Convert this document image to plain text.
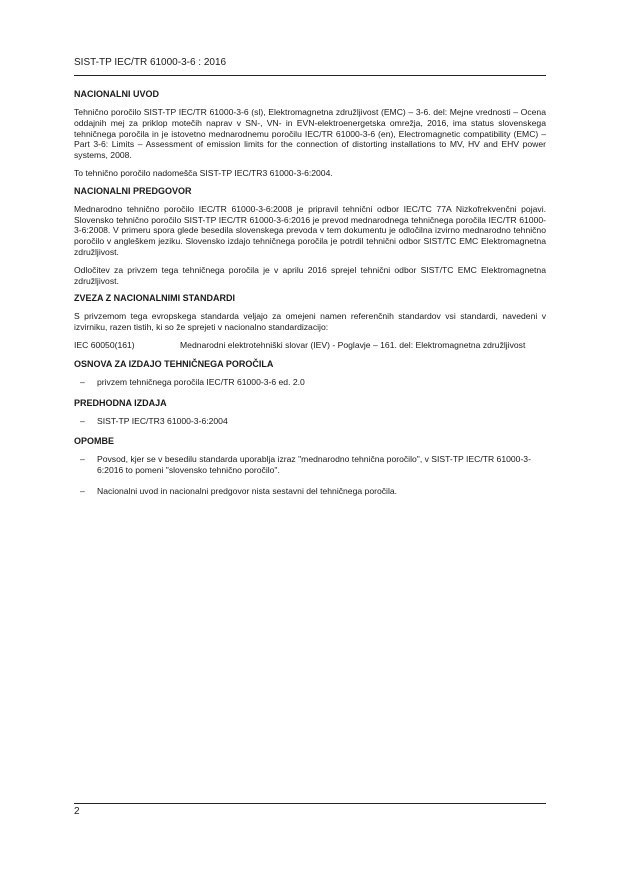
SIST-TP IEC/TR 61000-3-6 : 2016
NACIONALNI UVOD

Tehnično poročilo SIST-TP IEC/TR 61000-3-6 (sl), Elektromagnetna združljivost (EMC) – 3-6. del: Mejne vrednosti – Ocena oddajnih mej za priklop motečih naprav v SN-, VN- in EVN-elektroenergetska omrežja, 2016, ima status slovenskega tehničnega poročila in je istovetno mednarodnemu poročilu IEC/TR 61000-3-6 (en), Electromagnetic compatibility (EMC) – Part 3-6: Limits – Assessment of emission limits for the connection of distorting installations to MV, HV and EHV power systems, 2008.

To tehnično poročilo nadomešča SIST-TP IEC/TR3 61000-3-6:2004.

NACIONALNI PREDGOVOR

Mednarodno tehnično poročilo IEC/TR 61000-3-6:2008 je pripravil tehnični odbor IEC/TC 77A Nizkofrekvenčni pojavi. Slovensko tehnično poročilo SIST-TP IEC/TR 61000-3-6:2016 je prevod mednarodnega tehničnega poročila IEC/TR 61000-3-6:2008. V primeru spora glede besedila slovenskega prevoda v tem dokumentu je odločilna izvirno mednarodno tehnično poročilo v angleškem jeziku. Slovensko izdajo tehničnega poročila je potrdil tehnični odbor SIST/TC EMC Elektromagnetna združljivost.

Odločitev za privzem tega tehničnega poročila je v aprilu 2016 sprejel tehnični odbor SIST/TC EMC Elektromagnetna združljivost.

ZVEZA Z NACIONALNIMI STANDARDI

S privzemom tega evropskega standarda veljajo za omejeni namen referenčnih standardov vsi standardi, navedeni v izvirniku, razen tistih, ki so že sprejeti v nacionalno standardizacijo:

IEC 60050(161)	Mednarodni elektrotehniški slovar (IEV) - Poglavje – 161. del: Elektromagnetna združljivost
OSNOVA ZA IZDAJO TEHNIČNEGA POROČILA
– privzem tehničnega poročila IEC/TR 61000-3-6 ed. 2.0
PREDHODNA IZDAJA
– SIST-TP IEC/TR3 61000-3-6:2004
OPOMBE
– Povsod, kjer se v besedilu standarda uporablja izraz "mednarodno tehnična poročilo", v SIST-TP IEC/TR 61000-3-6:2016 to pomeni "slovensko tehnično poročilo".
– Nacionalni uvod in nacionalni predgovor nista sestavni del tehničnega poročila.
2
